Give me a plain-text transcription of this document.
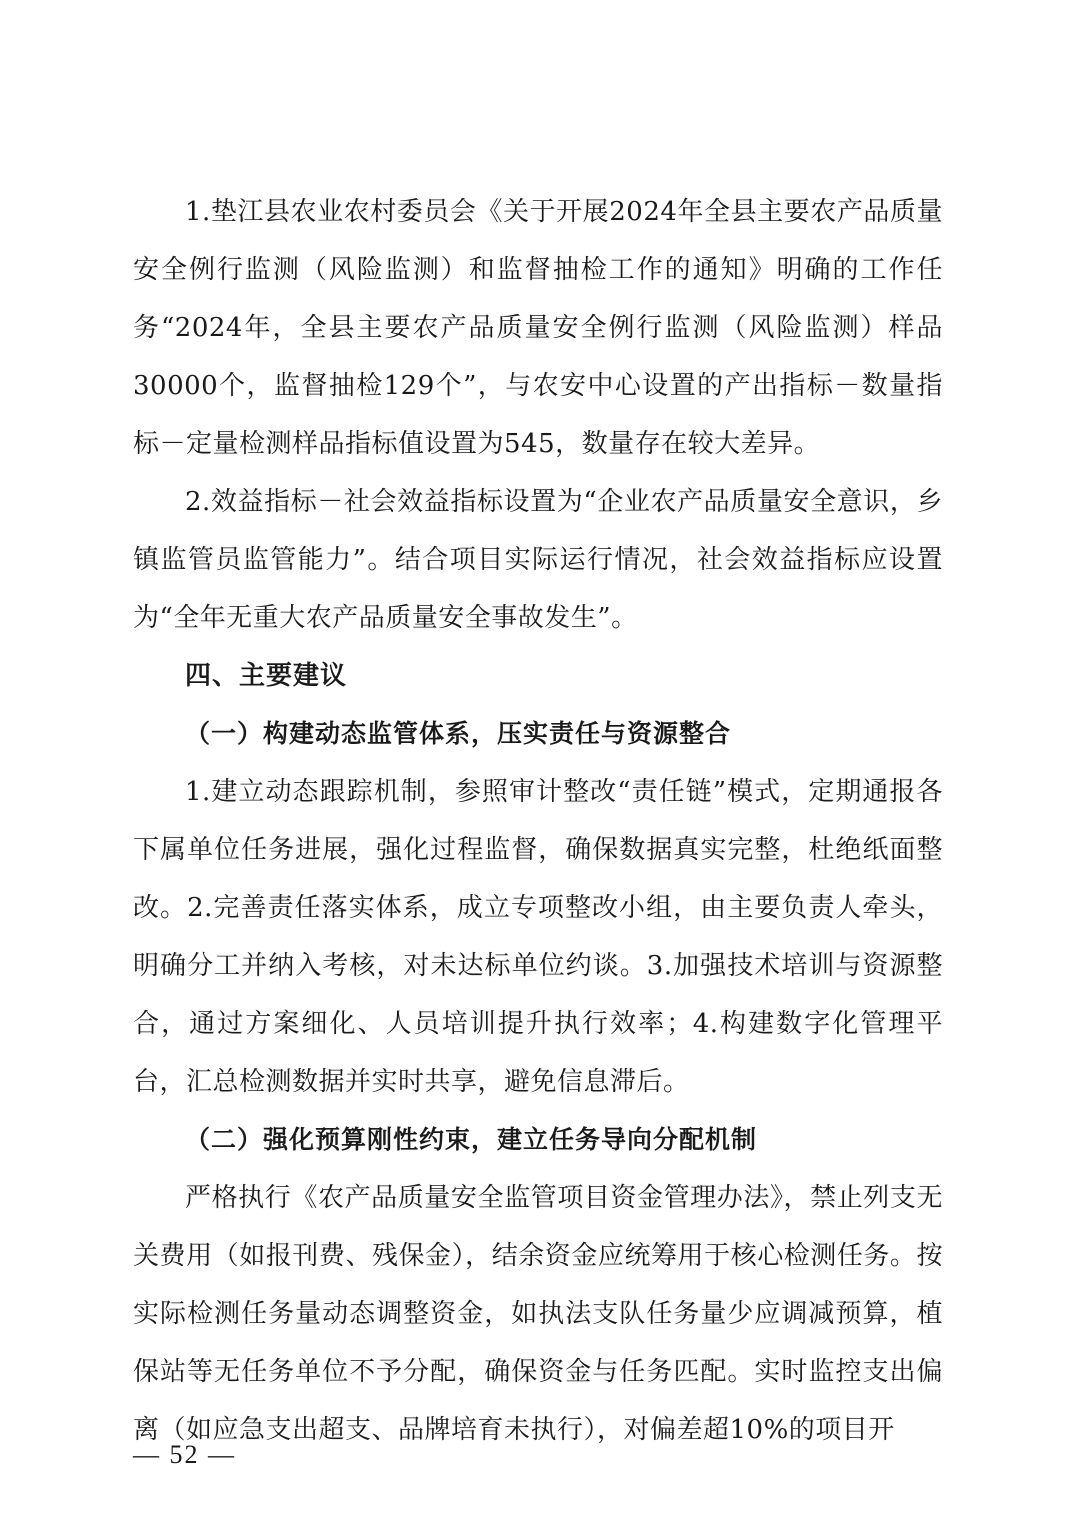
1.垫江县农业农村委员会《关于开展2024年全县主要农产品质量安全例行监测（风险监测）和监督抽检工作的通知》明确的工作任务“2024年，全县主要农产品质量安全例行监测（风险监测）样品30000个，监督抽检129个”，与农安中心设置的产出指标－数量指标－定量检测样品指标值设置为545，数量存在较大差异。

2.效益指标－社会效益指标设置为“企业农产品质量安全意识，乡镇监管员监管能力”。结合项目实际运行情况，社会效益指标应设置为“全年无重大农产品质量安全事故发生”。

四、主要建议

（一）构建动态监管体系，压实责任与资源整合

1.建立动态跟踪机制，参照审计整改“责任链”模式，定期通报各下属单位任务进展，强化过程监督，确保数据真实完整，杜绝纸面整改。2.完善责任落实体系，成立专项整改小组，由主要负责人牵头，明确分工并纳入考核，对未达标单位约谈。3.加强技术培训与资源整合，通过方案细化、人员培训提升执行效率；4.构建数字化管理平台，汇总检测数据并实时共享，避免信息滞后。

（二）强化预算刚性约束，建立任务导向分配机制

严格执行《农产品质量安全监管项目资金管理办法》，禁止列支无关费用（如报刊费、残保金），结余资金应统筹用于核心检测任务。按实际检测任务量动态调整资金，如执法支队任务量少应调减预算，植保站等无任务单位不予分配，确保资金与任务匹配。实时监控支出偏离（如应急支出超支、品牌培育未执行），对偏差超10%的项目开

— 52 —
